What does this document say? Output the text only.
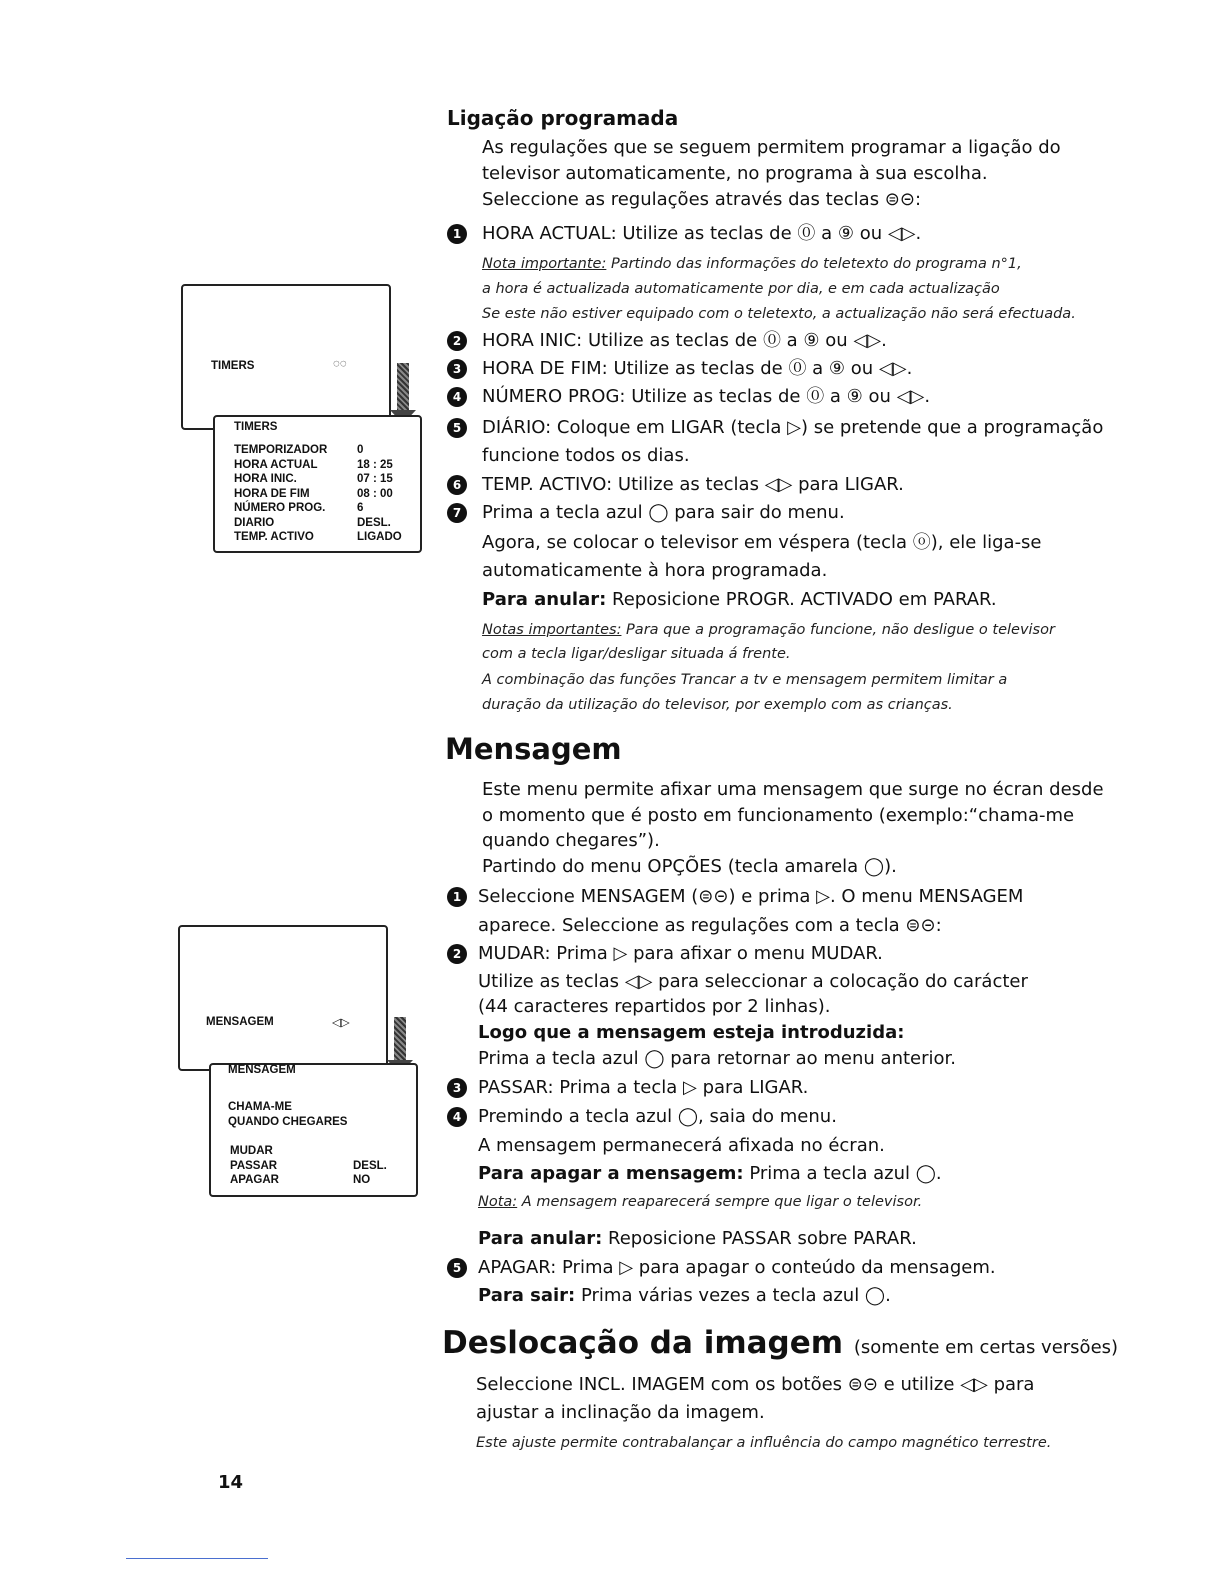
Ligação programada
As regulações que se seguem permitem programar a ligação do
televisor automaticamente, no programa à sua escolha.
Seleccione as regulações através das teclas ⊜⊝:
1	HORA ACTUAL: Utilize as teclas de ⓪ a ⑨ ou ◁▷.
Nota importante: Partindo das informações do teletexto do programa n°1,
a hora é actualizada automaticamente por dia, e em cada actualização
Se este não estiver equipado com o teletexto, a actualização não será efectuada.
2	HORA INIC: Utilize as teclas de ⓪ a ⑨ ou ◁▷.
3	HORA DE FIM: Utilize as teclas de ⓪ a ⑨ ou ◁▷.
4	NÚMERO PROG: Utilize as teclas de ⓪ a ⑨ ou ◁▷.
5	DIÁRIO: Coloque em LIGAR (tecla ▷) se pretende que a programação
funcione todos os dias.
6	TEMP. ACTIVO: Utilize as teclas ◁▷ para LIGAR.
7	Prima a tecla azul ◯ para sair do menu.
Agora, se colocar o televisor em véspera (tecla ⓞ), ele liga-se
automaticamente à hora programada.
Para anular: Reposicione PROGR. ACTIVADO em PARAR.
Notas importantes: Para que a programação funcione, não desligue o televisor
com a tecla ligar/desligar situada á frente.
A combinação das funções Trancar a tv e mensagem permitem limitar a
duração da utilização do televisor, por exemplo com as crianças.
Mensagem
Este menu permite afixar uma mensagem que surge no écran desde
o momento que é posto em funcionamento (exemplo:“chama-me
quando chegares”).
Partindo do menu OPÇÕES (tecla amarela ◯).
1 Seleccione MENSAGEM (⊜⊝) e prima ▷. O menu MENSAGEM
aparece. Seleccione as regulações com a tecla ⊜⊝:
2 MUDAR: Prima ▷ para afixar o menu MUDAR.
Utilize as teclas ◁▷ para seleccionar a colocação do carácter
(44 caracteres repartidos por 2 linhas).
Logo que a mensagem esteja introduzida:
Prima a tecla azul ◯ para retornar ao menu anterior.
3 PASSAR: Prima a tecla ▷ para LIGAR.
4 Premindo a tecla azul ◯, saia do menu.
A mensagem permanecerá afixada no écran.
Para apagar a mensagem: Prima a tecla azul ◯.
Nota: A mensagem reaparecerá sempre que ligar o televisor.
Para anular: Reposicione PASSAR sobre PARAR.
5 APAGAR: Prima ▷ para apagar o conteúdo da mensagem.
Para sair: Prima várias vezes a tecla azul ◯.
Deslocação da imagem (somente em certas versões)
Seleccione INCL. IMAGEM com os botões ⊜⊝ e utilize ◁▷ para
ajustar a inclinação da imagem.
Este ajuste permite contrabalançar a influência do campo magnético terrestre.
14
TIMERS	◌◌
TIMERS
TEMPORIZADOR	0
HORA ACTUAL	18 : 25
HORA INIC.	07 : 15
HORA DE FIM	08 : 00
NÚMERO PROG.	6
DIARIO	DESL.
TEMP. ACTIVO	LIGADO
MENSAGEM	◁▷
MENSAGEM
CHAMA-ME
QUANDO CHEGARES
MUDAR
PASSAR	DESL.
APAGAR	NO
